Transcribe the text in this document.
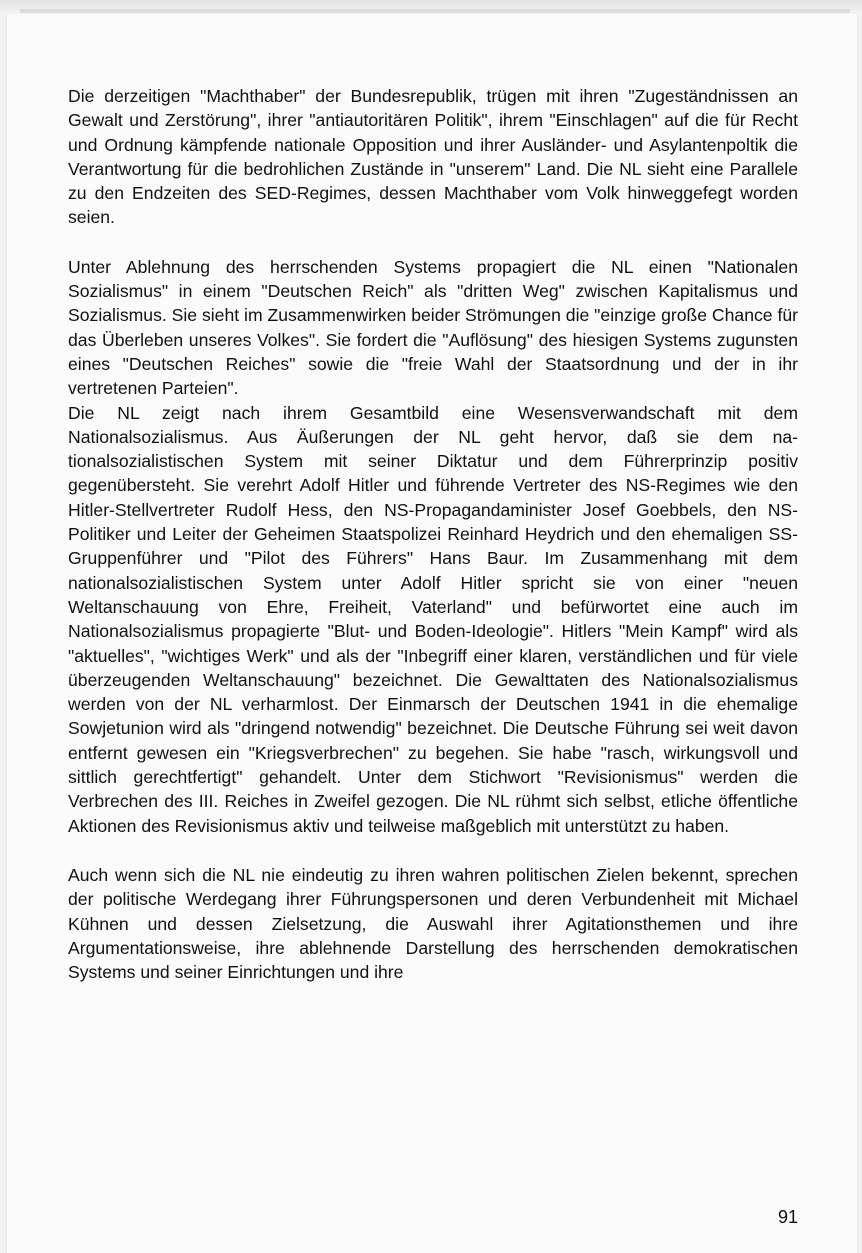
Die derzeitigen "Machthaber" der Bundesrepublik, trügen mit ihren "Zugeständnissen an Gewalt und Zerstörung", ihrer "antiautoritären Politik", ihrem "Einschlagen" auf die für Recht und Ordnung kämpfende nationale Opposition und ihrer Ausländer- und Asylantenpoltik die Verantwortung für die bedrohlichen Zustände in "unserem" Land. Die NL sieht eine Parallele zu den Endzeiten des SED-Regimes, dessen Machthaber vom Volk hinweggefegt worden seien.

Unter Ablehnung des herrschenden Systems propagiert die NL einen "Nationalen Sozialismus" in einem "Deutschen Reich" als "dritten Weg" zwischen Kapitalismus und Sozialismus. Sie sieht im Zusammenwirken beider Strömungen die "einzige große Chance für das Überleben unseres Volkes". Sie fordert die "Auflösung" des hiesigen Systems zugunsten eines "Deutschen Reiches" sowie die "freie Wahl der Staatsordnung und der in ihr vertretenen Parteien".

Die NL zeigt nach ihrem Gesamtbild eine Wesensverwandschaft mit dem Nationalsozialismus. Aus Äußerungen der NL geht hervor, daß sie dem nationalsozialistischen System mit seiner Diktatur und dem Führerprinzip positiv gegenübersteht. Sie verehrt Adolf Hitler und führende Vertreter des NS-Regimes wie den Hitler-Stellvertreter Rudolf Hess, den NS-Propagandaminister Josef Goebbels, den NS-Politiker und Leiter der Geheimen Staatspolizei Reinhard Heydrich und den ehemaligen SS-Gruppenführer und "Pilot des Führers" Hans Baur. Im Zusammenhang mit dem nationalsozialistischen System unter Adolf Hitler spricht sie von einer "neuen Weltanschauung von Ehre, Freiheit, Vaterland" und befürwortet eine auch im Nationalsozialismus propagierte "Blut- und Boden-Ideologie". Hitlers "Mein Kampf" wird als "aktuelles", "wichtiges Werk" und als der "Inbegriff einer klaren, verständlichen und für viele überzeugenden Weltanschauung" bezeichnet. Die Gewalttaten des Nationalsozialismus werden von der NL verharmlost. Der Einmarsch der Deutschen 1941 in die ehemalige Sowjetunion wird als "dringend notwendig" bezeichnet. Die Deutsche Führung sei weit davon entfernt gewesen ein "Kriegsverbrechen" zu begehen. Sie habe "rasch, wirkungsvoll und sittlich gerechtfertigt" gehandelt. Unter dem Stichwort "Revisionismus" werden die Verbrechen des III. Reiches in Zweifel gezogen. Die NL rühmt sich selbst, etliche öffentliche Aktionen des Revisionismus aktiv und teilweise maßgeblich mit unterstützt zu haben.

Auch wenn sich die NL nie eindeutig zu ihren wahren politischen Zielen bekennt, sprechen der politische Werdegang ihrer Führungspersonen und deren Verbundenheit mit Michael Kühnen und dessen Zielsetzung, die Auswahl ihrer Agitationsthemen und ihre Argumentationsweise, ihre ablehnende Darstellung des herrschenden demokratischen Systems und seiner Einrichtungen und ihre

91
